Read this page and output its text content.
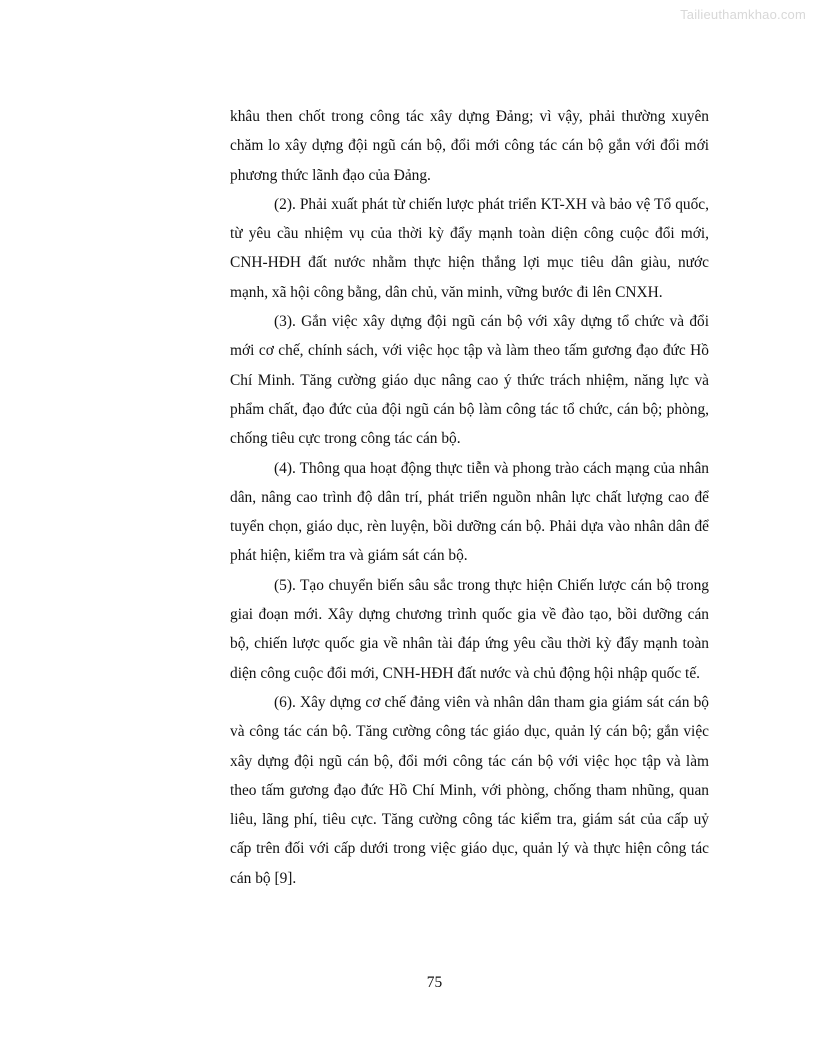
Tailieuthamkhao.com

khâu then chốt trong công tác xây dựng Đảng; vì vậy, phải thường xuyên chăm lo xây dựng đội ngũ cán bộ, đổi mới công tác cán bộ gắn với đổi mới phương thức lãnh đạo của Đảng.

(2). Phải xuất phát từ chiến lược phát triển KT-XH và bảo vệ Tổ quốc, từ yêu cầu nhiệm vụ của thời kỳ đẩy mạnh toàn diện công cuộc đổi mới, CNH-HĐH đất nước nhằm thực hiện thắng lợi mục tiêu dân giàu, nước mạnh, xã hội công bằng, dân chủ, văn minh, vững bước đi lên CNXH.

(3). Gắn việc xây dựng đội ngũ cán bộ với xây dựng tổ chức và đổi mới cơ chế, chính sách, với việc học tập và làm theo tấm gương đạo đức Hồ Chí Minh. Tăng cường giáo dục nâng cao ý thức trách nhiệm, năng lực và phẩm chất, đạo đức của đội ngũ cán bộ làm công tác tổ chức, cán bộ; phòng, chống tiêu cực trong công tác cán bộ.

(4). Thông qua hoạt động thực tiễn và phong trào cách mạng của nhân dân, nâng cao trình độ dân trí, phát triển nguồn nhân lực chất lượng cao để tuyển chọn, giáo dục, rèn luyện, bồi dưỡng cán bộ. Phải dựa vào nhân dân để phát hiện, kiểm tra và giám sát cán bộ.

(5). Tạo chuyển biến sâu sắc trong thực hiện Chiến lược cán bộ trong giai đoạn mới. Xây dựng chương trình quốc gia về đào tạo, bồi dưỡng cán bộ, chiến lược quốc gia về nhân tài đáp ứng yêu cầu thời kỳ đẩy mạnh toàn diện công cuộc đổi mới, CNH-HĐH đất nước và chủ động hội nhập quốc tế.

(6). Xây dựng cơ chế đảng viên và nhân dân tham gia giám sát cán bộ và công tác cán bộ. Tăng cường công tác giáo dục, quản lý cán bộ; gắn việc xây dựng đội ngũ cán bộ, đổi mới công tác cán bộ với việc học tập và làm theo tấm gương đạo đức Hồ Chí Minh, với phòng, chống tham nhũng, quan liêu, lãng phí, tiêu cực. Tăng cường công tác kiểm tra, giám sát của cấp uỷ cấp trên đối với cấp dưới trong việc giáo dục, quản lý và thực hiện công tác cán bộ [9].

75
